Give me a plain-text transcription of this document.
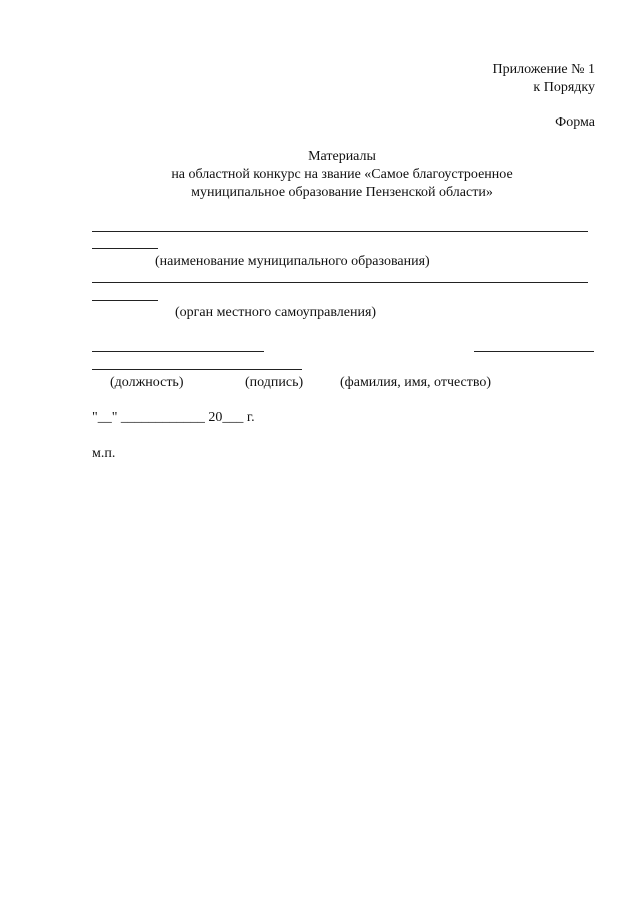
Приложение № 1
к Порядку
Форма
Материалы
на областной конкурс на звание «Самое благоустроенное
муниципальное образование Пензенской области»
(наименование муниципального образования)
(орган местного самоуправления)
(должность)	(подпись)	(фамилия, имя, отчество)
"__" ____________ 20___ г.
м.п.
